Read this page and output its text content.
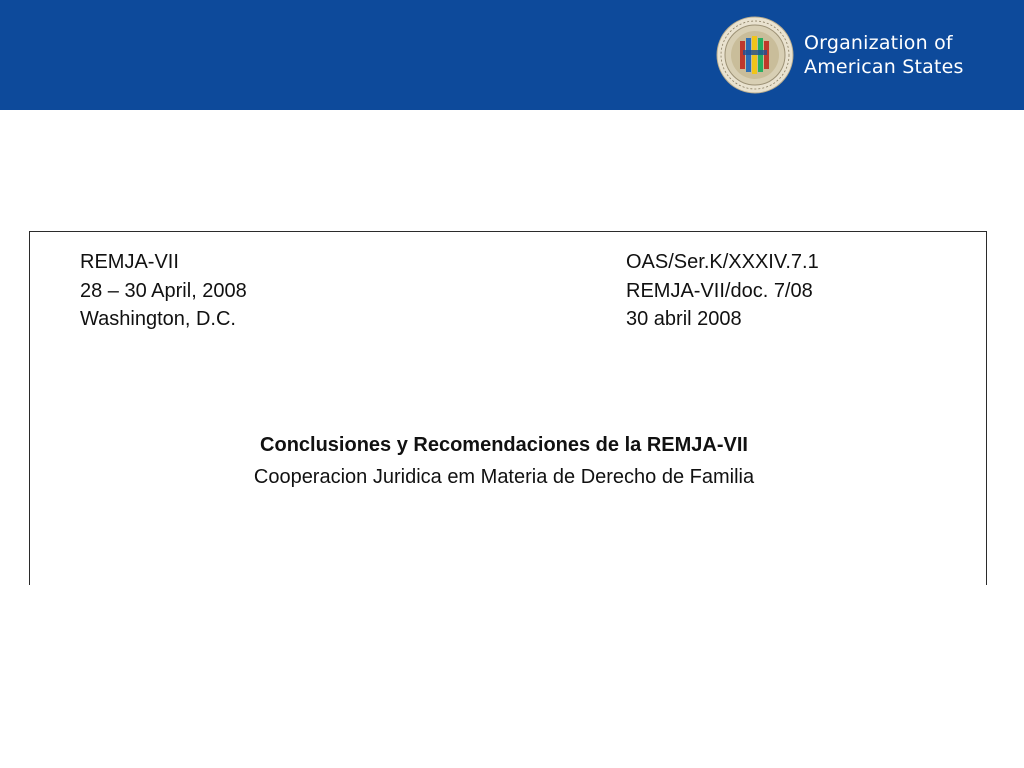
Organization of
American States
REMJA-VII
28 – 30 April, 2008
Washington, D.C.
OAS/Ser.K/XXXIV.7.1
REMJA-VII/doc. 7/08
30 abril 2008
Conclusiones y Recomendaciones de la REMJA-VII
Cooperacion Juridica em Materia de Derecho de Familia
